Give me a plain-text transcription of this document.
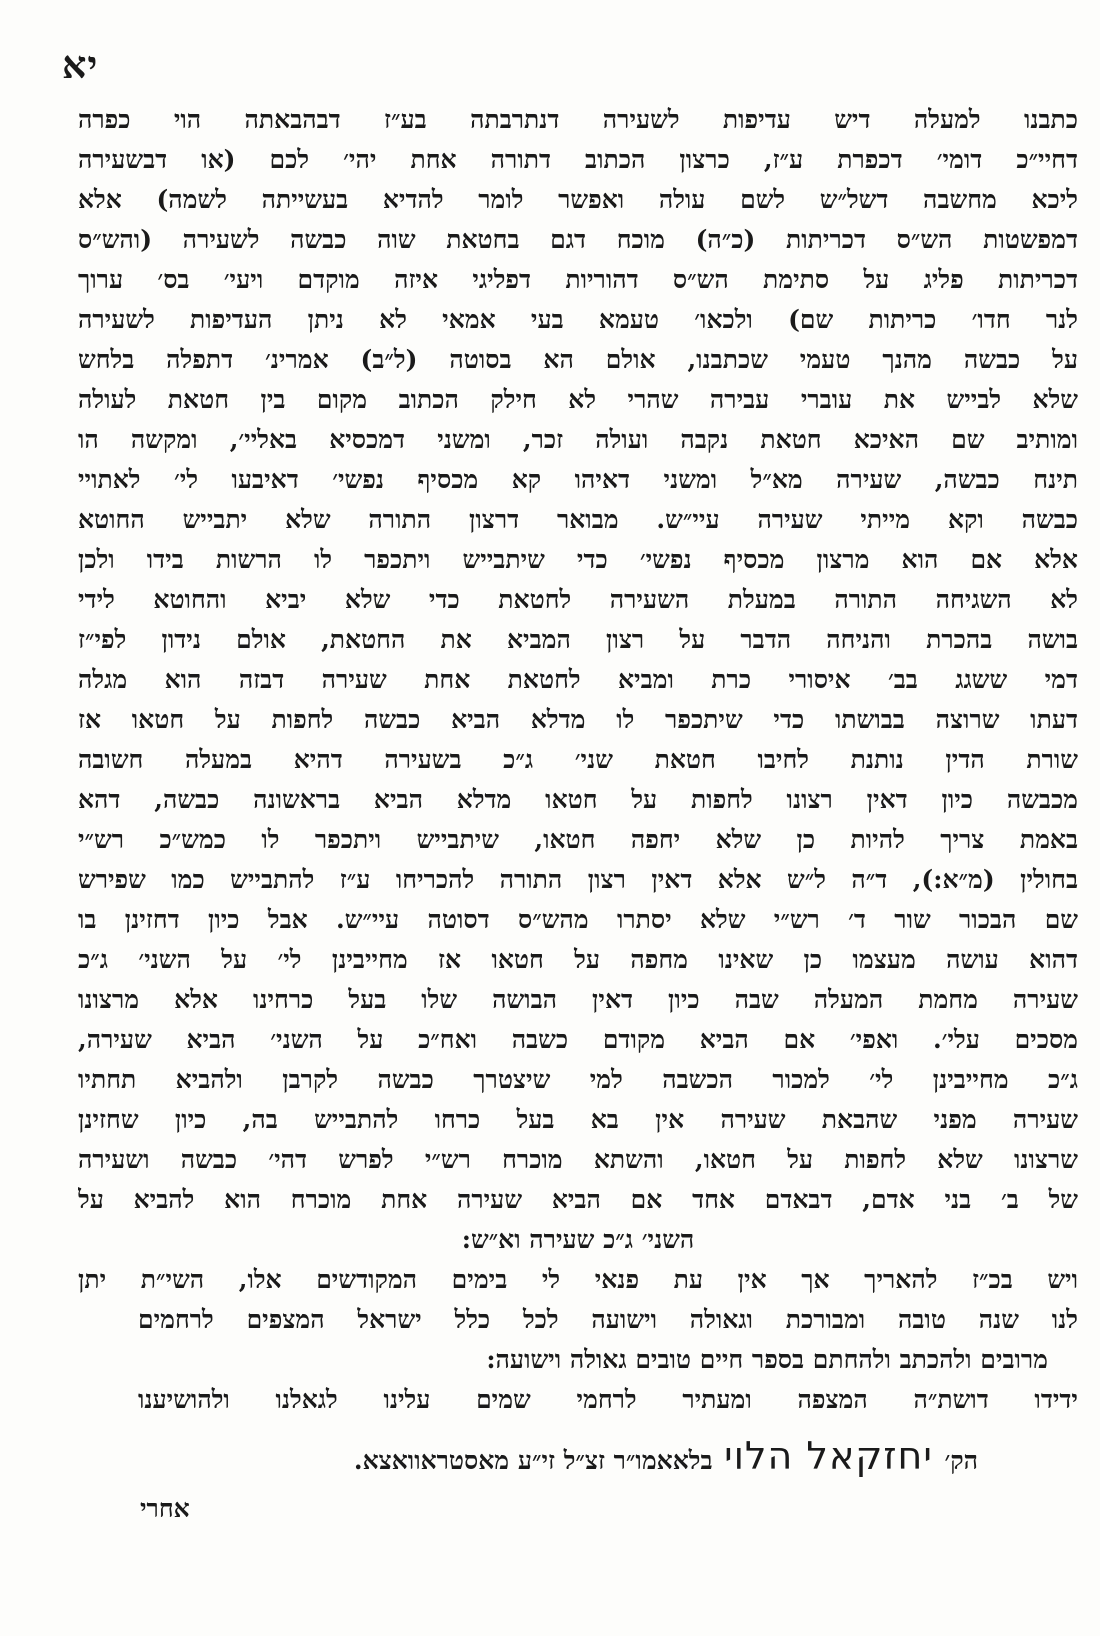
יא
כתבנו למעלה דיש עדיפות לשעירה דנתרבתה בע״ז דבהבאתה הוי כפרה
דחיי״כ דומי׳ דכפרת ע״ז, כרצון הכתוב דתורה אחת יהי׳ לכם (או דבשעירה
ליכא מחשבה דשל״ש לשם עולה ואפשר לומר להדיא בעשייתה לשמה) אלא
דמפשטות הש״ס דכריתות (כ״ה) מוכח דגם בחטאת שוה כבשה לשעירה (והש״ס
דכריתות פליג על סתימת הש״ס דהוריות דפליגי איזה מוקדם ויעי׳ בס׳ ערוך
לנר חדו׳ כריתות שם) ולכאו׳ טעמא בעי אמאי לא ניתן העדיפות לשעירה
על כבשה מהנך טעמי שכתבנו, אולם הא בסוטה (ל״ב) אמרינ׳ דתפלה בלחש
שלא לבייש את עוברי עבירה שהרי לא חילק הכתוב מקום בין חטאת לעולה
ומותיב שם האיכא חטאת נקבה ועולה זכר, ומשני דמכסיא באליי׳, ומקשה הו
תינח כבשה, שעירה מא״ל ומשני דאיהו קא מכסיף נפשי׳ דאיבעו לי׳ לאתויי
כבשה וקא מייתי שעירה עיי״ש. מבואר דרצון התורה שלא יתבייש החוטא
אלא אם הוא מרצון מכסיף נפשי׳ כדי שיתבייש ויתכפר לו הרשות בידו ולכן
לא השגיחה התורה במעלת השעירה לחטאת כדי שלא יביא והחוטא לידי
בושה בהכרת והניחה הדבר על רצון המביא את החטאת, אולם נידון לפי״ז
דמי ששגג בב׳ איסורי כרת ומביא לחטאת אחת שעירה דבזה הוא מגלה
דעתו שרוצה בבושתו כדי שיתכפר לו מדלא הביא כבשה לחפות על חטאו אז
שורת הדין נותנת לחיבו חטאת שני׳ ג״כ בשעירה דהיא במעלה חשובה
מכבשה כיון דאין רצונו לחפות על חטאו מדלא הביא בראשונה כבשה, דהא
באמת צריך להיות כן שלא יחפה חטאו, שיתבייש ויתכפר לו כמש״כ רש״י
בחולין (מ״א:), ד״ה ל״ש אלא דאין רצון התורה להכריחו ע״ז להתבייש כמו שפירש
שם הבכור שור ד׳ רש״י שלא יסתרו מהש״ס דסוטה עיי״ש. אבל כיון דחזינן בו
דהוא עושה מעצמו כן שאינו מחפה על חטאו אז מחייבינן לי׳ על השני׳ ג״כ
שעירה מחמת המעלה שבה כיון דאין הבושה שלו בעל כרחינו אלא מרצונו
מסכים עלי׳. ואפי׳ אם הביא מקודם כשבה ואח״כ על השני׳ הביא שעירה,
ג״כ מחייבינן לי׳ למכור הכשבה למי שיצטרך כבשה לקרבן ולהביא תחתיו
שעירה מפני שהבאת שעירה אין בא בעל כרחו להתבייש בה, כיון שחזינן
שרצונו שלא לחפות על חטאו, והשתא מוכרח רש״י לפרש דהי׳ כבשה ושעירה
של ב׳ בני אדם, דבאדם אחד אם הביא שעירה אחת מוכרח הוא להביא על
השני׳ ג״כ שעירה וא״ש:
ויש בכ״ז להאריך אך אין עת פנאי לי בימים המקודשים אלו, השי״ת יתן
לנו שנה טובה ומבורכת וגאולה וישועה לכל כלל ישראל המצפים לרחמים
מרובים ולהכתב ולהחתם בספר חיים טובים גאולה וישועה:
ידידו דושת״ה המצפה ומעתיר לרחמי שמים עלינו לגאלנו ולהושיענו
הק׳ יחזקאל הלוי בלאאמו״ר זצ״ל זי״ע מאסטראוואצא.
אחרי
